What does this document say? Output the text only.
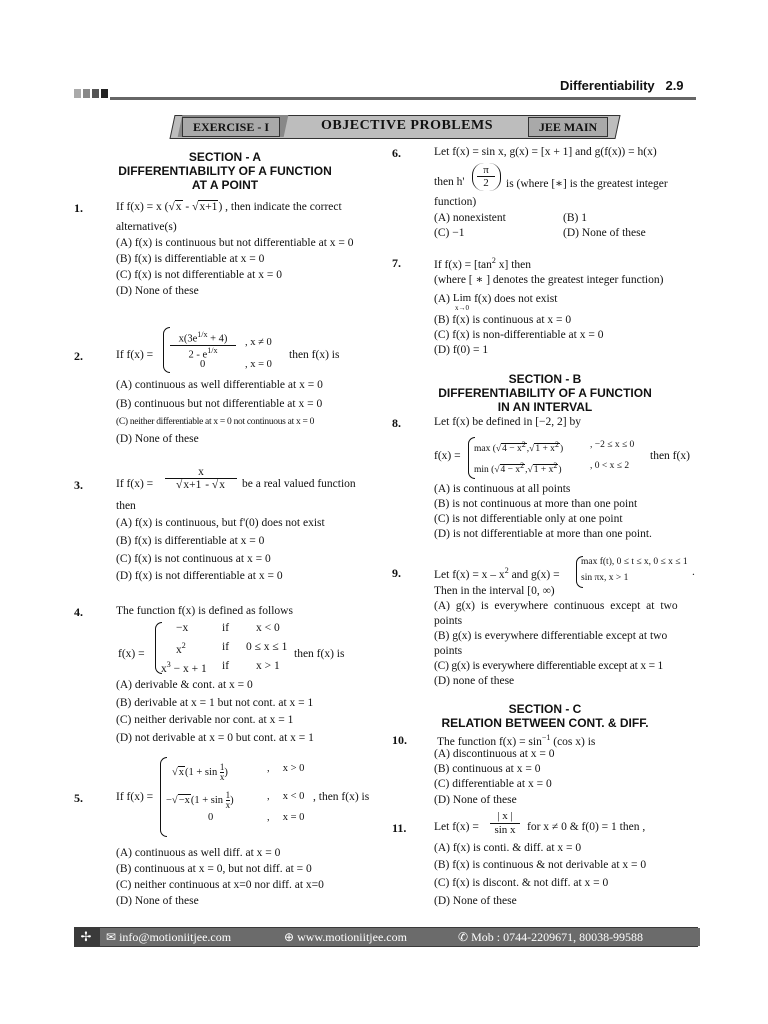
Differentiability 2.9
EXERCISE - I	OBJECTIVE PROBLEMS	JEE MAIN
SECTION - A
DIFFERENTIABILITY OF A FUNCTION
AT A POINT
1.	If f(x) = x (√x - √x+1) , then indicate the correct
alternative(s)
(A) f(x) is continuous but not differentiable at x = 0
(B) f(x) is differentiable at x = 0
(C) f(x) is not differentiable at x = 0
(D) None of these
2.	If $f(x) = \frac{x(3e^{1/x} + 4)}{2 - e^{1/x}}$ , x ≠ 0
0	, x = 0
then f(x) is
(A) continuous as well differentiable at x = 0
(B) continuous but not differentiable at x = 0
(C) neither differentiable at x = 0 not continuous at x = 0
(D) None of these
3.	If $f(x) = \frac{x}{√x+1 - √x}$ be a real valued function
then
(A) f(x) is continuous, but f'(0) does not exist
(B) f(x) is differentiable at x = 0
(C) f(x) is not continuous at x = 0
(D) f(x) is not differentiable at x = 0
4.	The function f(x) is defined as follows
f(x) =
−x	if x < 0
$x^2$	if 0 ≤ x ≤ 1
$x^3 - x + 1$ if x > 1
then f(x) is
(A) derivable & cont. at x = 0
(B) derivable at x = 1 but not cont. at x = 1
(C) neither derivable nor cont. at x = 1
(D) not derivable at x = 0 but cont. at x = 1
5.	If f(x) =
$√x(1 + \sin \frac{1}{x}$ )	,     x > 0
$-√-x(1 + \sin \frac{1}{x}$ )	,     x < 0
0	,     x = 0
, then f(x) is
(A) continuous as well diff. at x = 0
(B) continuous at x = 0, but not diff. at = 0
(C) neither continuous at x=0 nor diff. at x=0
(D) None of these
6.	Let f(x) = sin x, g(x) = [x + 1] and g(f(x)) = h(x)
then $h' \frac{\pi}{2}$ is (where [∗] is the greatest integer
function)
(A) nonexistent	(B) 1
(C) −1	(D) None of these
7.	If $f(x) = [\tan^2$ x] then
(where [ ∗ ] denotes the greatest integer function)
(A) Lim
x→0
f(x) does not exist
(B) f(x) is continuous at x = 0
(C) f(x) is non-differentiable at x = 0
(D) f(0) = 1
SECTION - B
DIFFERENTIABILITY OF A FUNCTION
IN AN INTERVAL
8.	Let f(x) be defined in [−2, 2] by
f(x) =
$\max (√4 - x^2,√1 + x^2)$	, −2 ≤ x ≤ 0
$\min (√4 - x^2,√1 + x^2)$	, 0 < x ≤ 2
then f(x)
(A) is continuous at all points
(B) is not continuous at more than one point
(C) is not differentiable only at one point
(D) is not differentiable at more than one point.
9.	Let $f(x) = x - x^2$ and g(x) =
max f(t), 0 ≤ t ≤ x, 0 ≤ x ≤ 1
sin πx, x > 1	.
Then in the interval [0, ∞)
(A) g(x) is everywhere continuous except at two
points
(B) g(x) is everywhere differentiable except at two
points
(C) g(x) is everywhere differentiable except at x = 1
(D) none of these
SECTION - C
RELATION BETWEEN CONT. & DIFF.
10.	The function $f(x) = \sin^{-1} (\cos$ x) is
(A) discontinuous at x = 0
(B) continuous at x = 0
(C) differentiable at x = 0
(D) None of these
11. Let $f(x) = \frac{| x |}{\text{sin x}}$ for x ≠ 0 & f(0) = 1 then ,
(A) f(x) is conti. & diff. at x = 0
(B) f(x) is continuous & not derivable at x = 0
(C) f(x) is discont. & not diff. at x = 0
(D) None of these
✢	✉ info@motioniitjee.com	⊕ www.motioniitjee.com	✆ Mob : 0744-2209671, 80038-99588
